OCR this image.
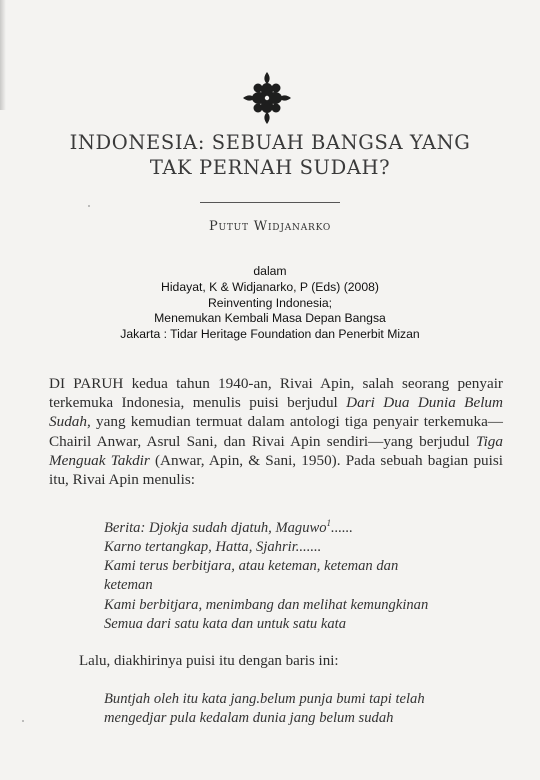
INDONESIA: SEBUAH BANGSA YANG
TAK PERNAH SUDAH?
Putut Widjanarko
dalam
Hidayat, K & Widjanarko, P (Eds) (2008)
Reinventing Indonesia;
Menemukan Kembali Masa Depan Bangsa
Jakarta : Tidar Heritage Foundation dan Penerbit Mizan

DI PARUH kedua tahun 1940-an, Rivai Apin, salah seorang penyair terkemuka Indonesia, menulis puisi berjudul Dari Dua Dunia Belum Sudah, yang kemudian termuat dalam antologi tiga penyair terkemuka—Chairil Anwar, Asrul Sani, dan Rivai Apin sendiri—yang berjudul Tiga Menguak Takdir (Anwar, Apin, & Sani, 1950). Pada sebuah bagian puisi itu, Rivai Apin menulis:

Berita: Djokja sudah djatuh, Maguwo$^1$......
Karno tertangkap, Hatta, Sjahrir.......
Kami terus berbitjara, atau keteman, keteman dan
keteman
Kami berbitjara, menimbang dan melihat kemungkinan
Semua dari satu kata dan untuk satu kata
Lalu, diakhirinya puisi itu dengan baris ini:
Buntjah oleh itu kata jang.belum punja bumi tapi telah
mengedjar pula kedalam dunia jang belum sudah
